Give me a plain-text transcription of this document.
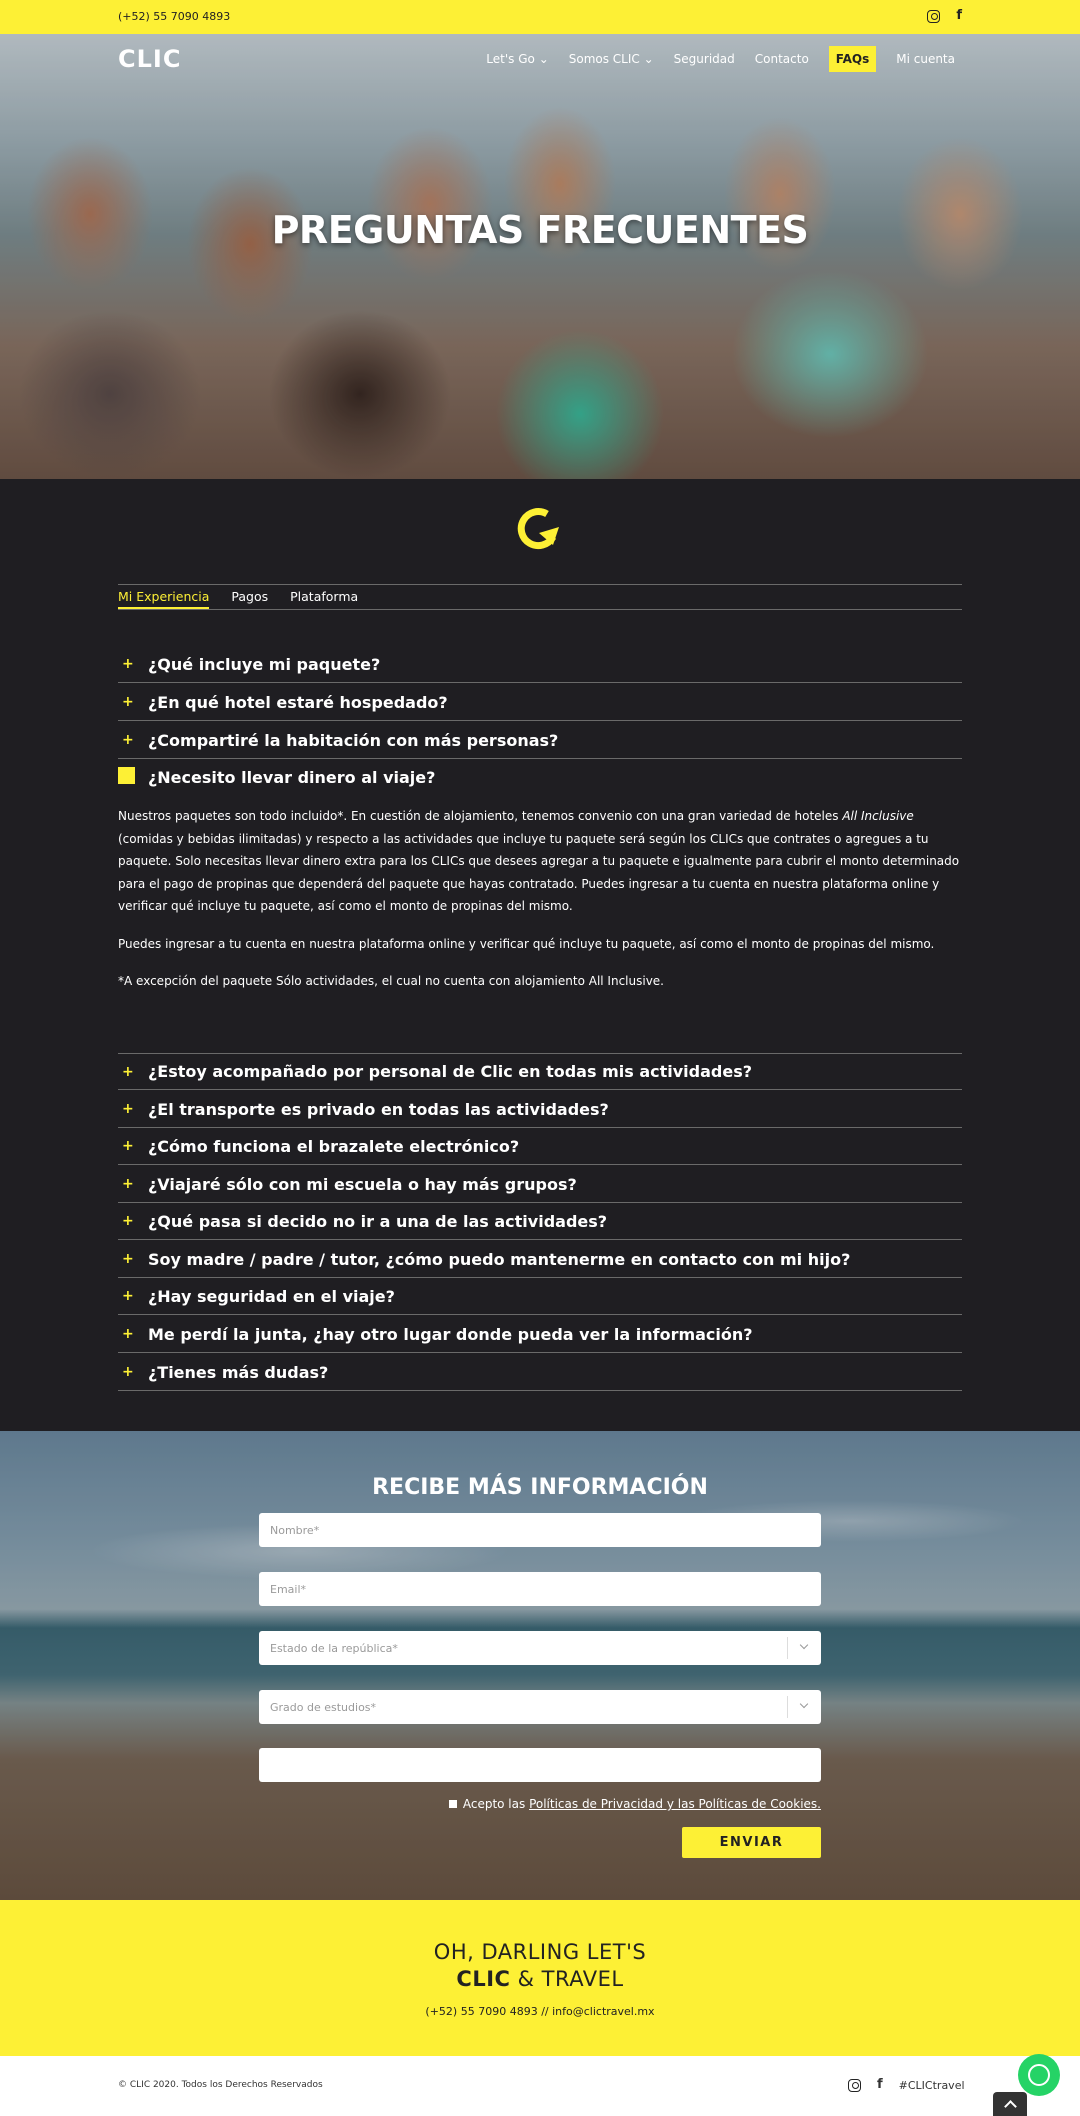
(+52) 55 7090 4893	f
CLIC	Let's Go ⌄ Somos CLIC ⌄ Seguridad Contacto	FAQs	Mi cuenta
PREGUNTAS FRECUENTES
Mi Experiencia Pagos Plataforma
+ ¿Qué incluye mi paquete?
+ ¿En qué hotel estaré hospedado?
+ ¿Compartiré la habitación con más personas?
¿Necesito llevar dinero al viaje?

Nuestros paquetes son todo incluido*. En cuestión de alojamiento, tenemos convenio con una gran variedad de hoteles All Inclusive (comidas y bebidas ilimitadas) y respecto a las actividades que incluye tu paquete será según los CLICs que contrates o agregues a tu paquete. Solo necesitas llevar dinero extra para los CLICs que desees agregar a tu paquete e igualmente para cubrir el monto determinado para el pago de propinas que dependerá del paquete que hayas contratado. Puedes ingresar a tu cuenta en nuestra plataforma online y verificar qué incluye tu paquete, así como el monto de propinas del mismo.

Puedes ingresar a tu cuenta en nuestra plataforma online y verificar qué incluye tu paquete, así como el monto de propinas del mismo.

*A excepción del paquete Sólo actividades, el cual no cuenta con alojamiento All Inclusive.

+ ¿Estoy acompañado por personal de Clic en todas mis actividades?
+ ¿El transporte es privado en todas las actividades?
+ ¿Cómo funciona el brazalete electrónico?
+ ¿Viajaré sólo con mi escuela o hay más grupos?
+ ¿Qué pasa si decido no ir a una de las actividades?
+ Soy madre / padre / tutor, ¿cómo puedo mantenerme en contacto con mi hijo?
+ ¿Hay seguridad en el viaje?
+ Me perdí la junta, ¿hay otro lugar donde pueda ver la información?
+ ¿Tienes más dudas?
RECIBE MÁS INFORMACIÓN
Nombre*
Email*
Estado de la república*
Grado de estudios*
Acepto las Políticas de Privacidad y las Políticas de Cookies.
ENVIAR
OH, DARLING LET'S
CLIC & TRAVEL
(+52) 55 7090 4893 // info@clictravel.mx
© CLIC 2020. Todos los Derechos Reservados	f #CLICtravel
